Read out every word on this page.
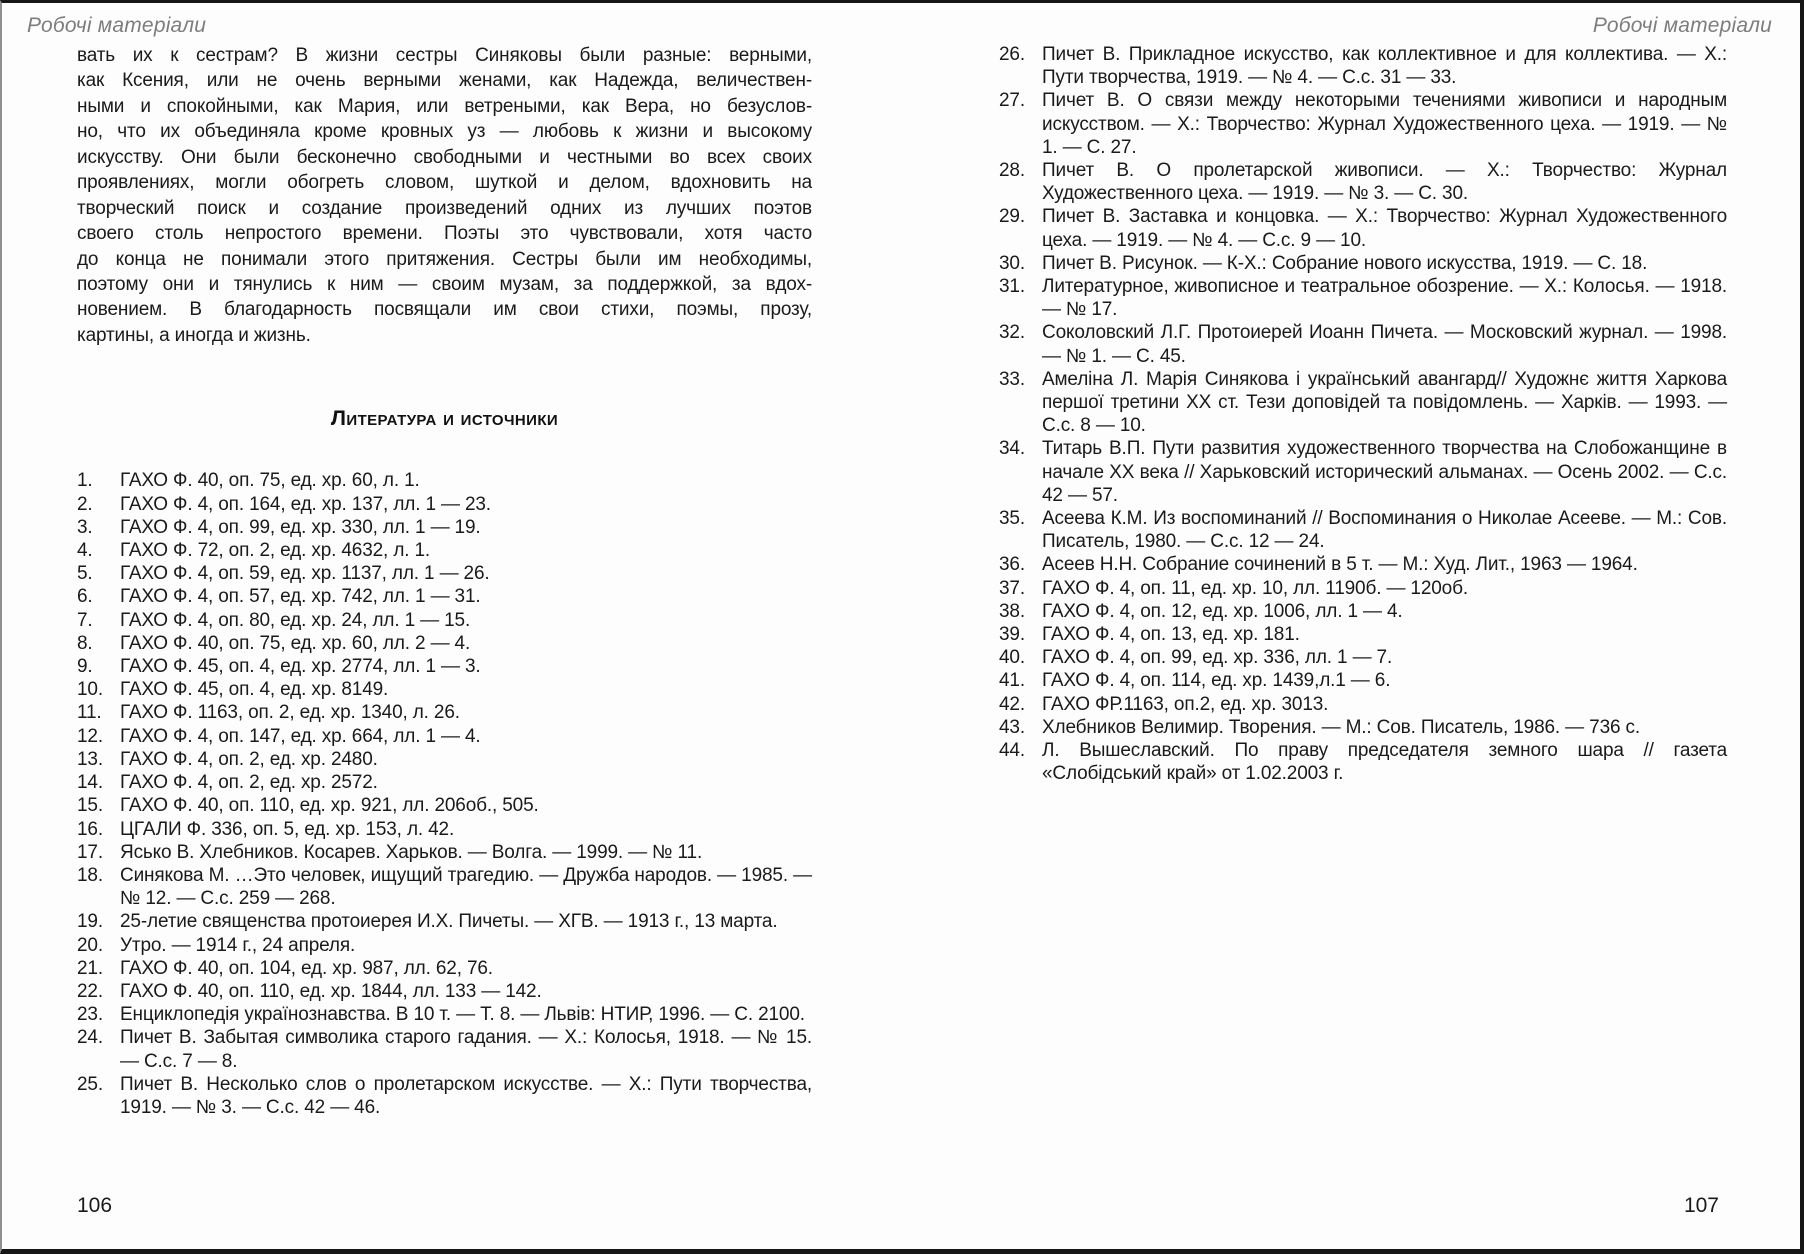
Робочі матеріали
вать их к сестрам? В жизни сестры Синяковы были разные: верными,
как Ксения, или не очень верными женами, как Надежда, величествен-
ными и спокойными, как Мария, или ветреными, как Вера, но безуслов-
но, что их объединяла кроме кровных уз — любовь к жизни и высокому
искусству. Они были бесконечно свободными и честными во всех своих
проявлениях, могли обогреть словом, шуткой и делом, вдохновить на
творческий поиск и создание произведений одних из лучших поэтов
своего столь непростого времени. Поэты это чувствовали, хотя часто
до конца не понимали этого притяжения. Сестры были им необходимы,
поэтому они и тянулись к ним — своим музам, за поддержкой, за вдох-
новением. В благодарность посвящали им свои стихи, поэмы, прозу,
картины, а иногда и жизнь.
Литература и источники
1. ГАХО Ф. 40, оп. 75, ед. хр. 60, л. 1.
2. ГАХО Ф. 4, оп. 164, ед. хр. 137, лл. 1 — 23.
3. ГАХО Ф. 4, оп. 99, ед. хр. 330, лл. 1 — 19.
4. ГАХО Ф. 72, оп. 2, ед. хр. 4632, л. 1.
5. ГАХО Ф. 4, оп. 59, ед. хр. 1137, лл. 1 — 26.
6. ГАХО Ф. 4, оп. 57, ед. хр. 742, лл. 1 — 31.
7. ГАХО Ф. 4, оп. 80, ед. хр. 24, лл. 1 — 15.
8. ГАХО Ф. 40, оп. 75, ед. хр. 60, лл. 2 — 4.
9. ГАХО Ф. 45, оп. 4, ед. хр. 2774, лл. 1 — 3.
10. ГАХО Ф. 45, оп. 4, ед. хр. 8149.
11. ГАХО Ф. 1163, оп. 2, ед. хр. 1340, л. 26.
12. ГАХО Ф. 4, оп. 147, ед. хр. 664, лл. 1 — 4.
13. ГАХО Ф. 4, оп. 2, ед. хр. 2480.
14. ГАХО Ф. 4, оп. 2, ед. хр. 2572.
15. ГАХО Ф. 40, оп. 110, ед. хр. 921, лл. 206об., 505.
16. ЦГАЛИ Ф. 336, оп. 5, ед. хр. 153, л. 42.
17. Ясько В. Хлебников. Косарев. Харьков. — Волга. — 1999. — № 11.
18. Синякова М. …Это человек, ищущий трагедию. — Дружба народов. — 1985. — № 12. — С.с. 259 — 268.
19. 25-летие священства протоиерея И.Х. Пичеты. — ХГВ. — 1913 г., 13 марта.
20. Утро. — 1914 г., 24 апреля.
21. ГАХО Ф. 40, оп. 104, ед. хр. 987, лл. 62, 76.
22. ГАХО Ф. 40, оп. 110, ед. хр. 1844, лл. 133 — 142.
23. Енциклопедія українознавства. В 10 т. — Т. 8. — Львів: НТИР, 1996. — С. 2100.
24. Пичет В. Забытая символика старого гадания. — Х.: Колосья, 1918. — № 15. — С.с. 7 — 8.
25. Пичет В. Несколько слов о пролетарском искусстве. — Х.: Пути творчества, 1919. — № 3. — С.с. 42 — 46.
106
Робочі матеріали
26. Пичет В. Прикладное искусство, как коллективное и для коллектива. — Х.: Пути творчества, 1919. — № 4. — С.с. 31 — 33.
27. Пичет В. О связи между некоторыми течениями живописи и народным искусством. — Х.: Творчество: Журнал Художественного цеха. — 1919. — № 1. — С. 27.
28. Пичет В. О пролетарской живописи. — Х.: Творчество: Журнал Художественного цеха. — 1919. — № 3. — С. 30.
29. Пичет В. Заставка и концовка. — Х.: Творчество: Журнал Художественного цеха. — 1919. — № 4. — С.с. 9 — 10.
30. Пичет В. Рисунок. — К-Х.: Собрание нового искусства, 1919. — С. 18.
31. Литературное, живописное и театральное обозрение. — Х.: Колосья. — 1918. — № 17.
32. Соколовский Л.Г. Протоиерей Иоанн Пичета. — Московский журнал. — 1998. — № 1. — С. 45.
33. Амеліна Л. Марія Синякова і український авангард// Художнє життя Харкова першої третини ХХ ст. Тези доповідей та повідомлень. — Харків. — 1993. — С.с. 8 — 10.
34. Титарь В.П. Пути развития художественного творчества на Слобожанщине в начале ХХ века // Харьковский исторический альманах. — Осень 2002. — С.с. 42 — 57.
35. Асеева К.М. Из воспоминаний // Воспоминания о Николае Асееве. — М.: Сов. Писатель, 1980. — С.с. 12 — 24.
36. Асеев Н.Н. Собрание сочинений в 5 т. — М.: Худ. Лит., 1963 — 1964.
37. ГАХО Ф. 4, оп. 11, ед. хр. 10, лл. 1190б. — 120об.
38. ГАХО Ф. 4, оп. 12, ед. хр. 1006, лл. 1 — 4.
39. ГАХО Ф. 4, оп. 13, ед. хр. 181.
40. ГАХО Ф. 4, оп. 99, ед. хр. 336, лл. 1 — 7.
41. ГАХО Ф. 4, оп. 114, ед. хр. 1439,л.1 — 6.
42. ГАХО ФР.1163, оп.2, ед. хр. 3013.
43. Хлебников Велимир. Творения. — М.: Сов. Писатель, 1986. — 736 с.
44. Л. Вышеславский. По праву председателя земного шара // газета «Слобідський край» от 1.02.2003 г.
107
